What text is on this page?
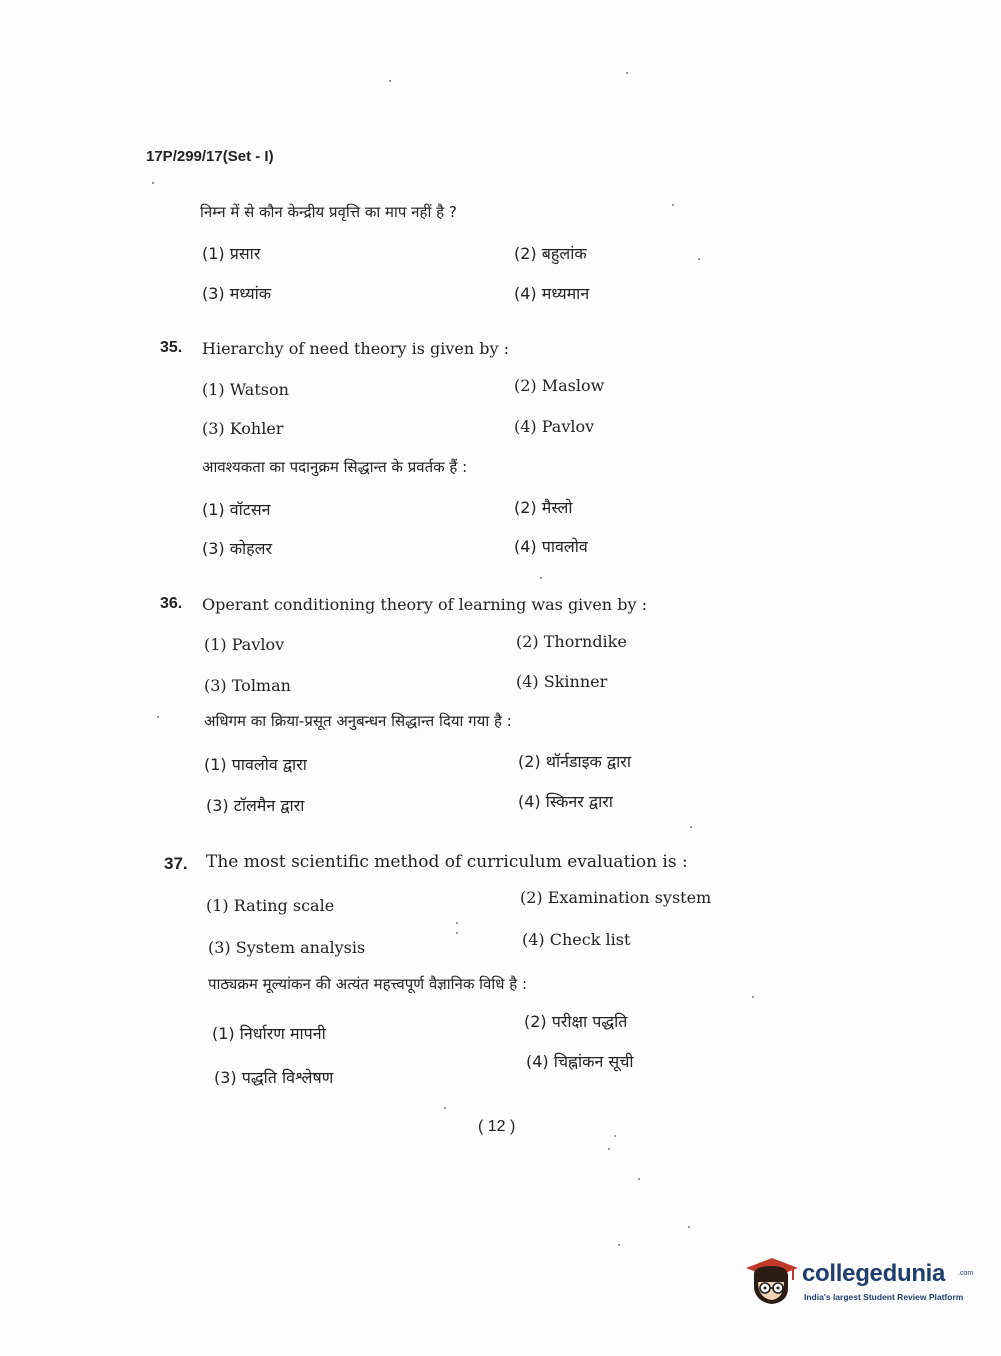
17P/299/17(Set - I)
निम्न में से कौन केन्द्रीय प्रवृत्ति का माप नहीं है ?
(1) प्रसार	(2) बहुलांक
(3) मध्यांक	(4) मध्यमान
35. Hierarchy of need theory is given by :
(1) Watson	(2) Maslow
(3) Kohler	(4) Pavlov
आवश्यकता का पदानुक्रम सिद्धान्त के प्रवर्तक हैं :
(1) वॉटसन	(2) मैस्लो
(3) कोहलर	(4) पावलोव
36. Operant conditioning theory of learning was given by :
(1) Pavlov	(2) Thorndike
(3) Tolman	(4) Skinner
अधिगम का क्रिया-प्रसूत अनुबन्धन सिद्धान्त दिया गया है :
(1) पावलोव द्वारा	(2) थॉर्नडाइक द्वारा
(3) टॉलमैन द्वारा	(4) स्किनर द्वारा
37. The most scientific method of curriculum evaluation is :
(1) Rating scale	(2) Examination system
(3) System analysis	(4) Check list
पाठ्यक्रम मूल्यांकन की अत्यंत महत्त्वपूर्ण वैज्ञानिक विधि है :
(1) निर्धारण मापनी
(2) परीक्षा पद्धति
(3) पद्धति विश्लेषण
(4) चिह्नांकन सूची
( 12 )
collegedunia .com
India's largest Student Review Platform
